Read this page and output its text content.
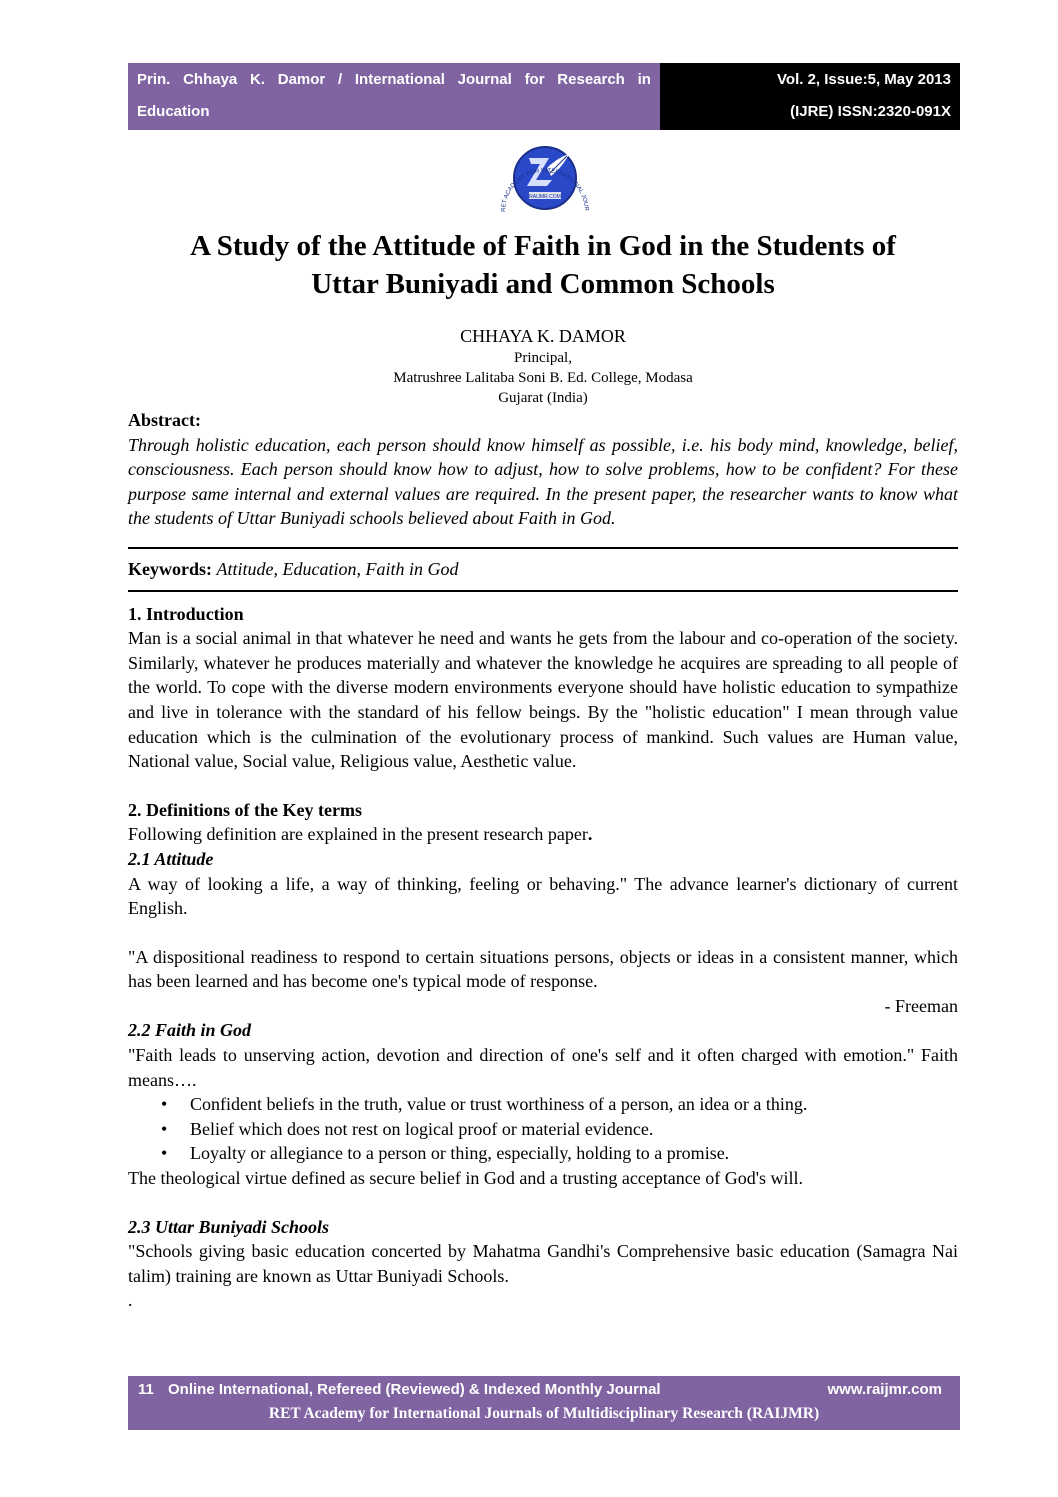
Prin. Chhaya K. Damor / International Journal for Research in
Education
Vol. 2, Issue:5, May 2013
(IJRE) ISSN:2320-091X
RAIJMR.COM
RET ACADEMY FOR INTERNATIONAL JOUR
A Study of the Attitude of Faith in God in the Students of
Uttar Buniyadi and Common Schools
CHHAYA K. DAMOR
Principal,
Matrushree Lalitaba Soni B. Ed. College, Modasa
Gujarat (India)

Abstract:

Through holistic education, each person should know himself as possible, i.e. his body mind, knowledge, belief, consciousness. Each person should know how to adjust, how to solve problems, how to be confident? For these purpose same internal and external values are required. In the present paper, the researcher wants to know what the students of Uttar Buniyadi schools believed about Faith in God.

Keywords: Attitude, Education, Faith in God

1. Introduction

Man is a social animal in that whatever he need and wants he gets from the labour and co-operation of the society. Similarly, whatever he produces materially and whatever the knowledge he acquires are spreading to all people of the world. To cope with the diverse modern environments everyone should have holistic education to sympathize and live in tolerance with the standard of his fellow beings. By the "holistic education" I mean through value education which is the culmination of the evolutionary process of mankind. Such values are Human value, National value, Social value, Religious value, Aesthetic value.

2. Definitions of the Key terms

Following definition are explained in the present research paper.

2.1 Attitude

A way of looking a life, a way of thinking, feeling or behaving." The advance learner's dictionary of current English.

"A dispositional readiness to respond to certain situations persons, objects or ideas in a consistent manner, which has been learned and has become one's typical mode of response.

- Freeman

2.2 Faith in God

"Faith leads to unserving action, devotion and direction of one's self and it often charged with emotion." Faith means….

• Confident beliefs in the truth, value or trust worthiness of a person, an idea or a thing.
• Belief which does not rest on logical proof or material evidence.
• Loyalty or allegiance to a person or thing, especially, holding to a promise.

The theological virtue defined as secure belief in God and a trusting acceptance of God's will.

2.3 Uttar Buniyadi Schools

"Schools giving basic education concerted by Mahatma Gandhi's Comprehensive basic education (Samagra Nai talim) training are known as Uttar Buniyadi Schools.

.

11 Online International, Refereed (Reviewed) & Indexed Monthly Journal	www.raijmr.com
RET Academy for International Journals of Multidisciplinary Research (RAIJMR)
